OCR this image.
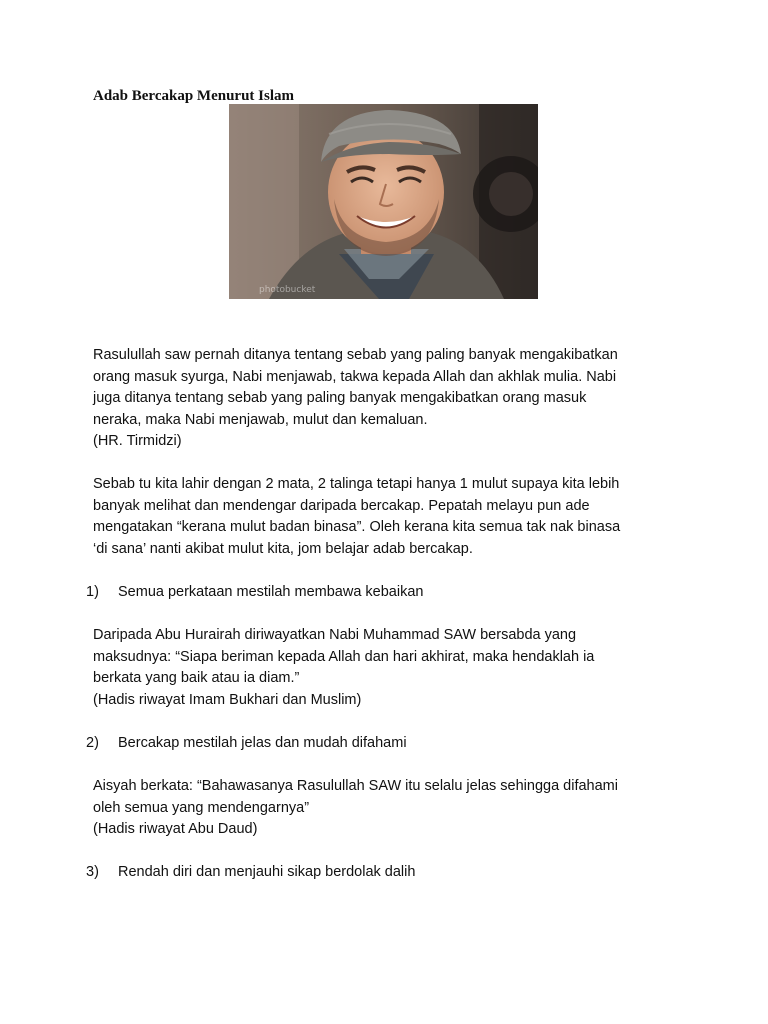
Adab Bercakap Menurut Islam
photobucket
Rasulullah saw pernah ditanya tentang sebab yang paling banyak mengakibatkan
orang masuk syurga, Nabi menjawab, takwa kepada Allah dan akhlak mulia. Nabi
juga ditanya tentang sebab yang paling banyak mengakibatkan orang masuk
neraka, maka Nabi menjawab, mulut dan kemaluan.
(HR. Tirmidzi)
Sebab tu kita lahir dengan 2 mata, 2 talinga tetapi hanya 1 mulut supaya kita lebih
banyak melihat dan mendengar daripada bercakap. Pepatah melayu pun ade
mengatakan “kerana mulut badan binasa”. Oleh kerana kita semua tak nak binasa
‘di sana’ nanti akibat mulut kita, jom belajar adab bercakap.
1) Semua perkataan mestilah membawa kebaikan
Daripada Abu Hurairah diriwayatkan Nabi Muhammad SAW bersabda yang
maksudnya: “Siapa beriman kepada Allah dan hari akhirat, maka hendaklah ia
berkata yang baik atau ia diam.”
(Hadis riwayat Imam Bukhari dan Muslim)
2) Bercakap mestilah jelas dan mudah difahami
Aisyah berkata: “Bahawasanya Rasulullah SAW itu selalu jelas sehingga difahami
oleh semua yang mendengarnya”
(Hadis riwayat Abu Daud)
3) Rendah diri dan menjauhi sikap berdolak dalih
